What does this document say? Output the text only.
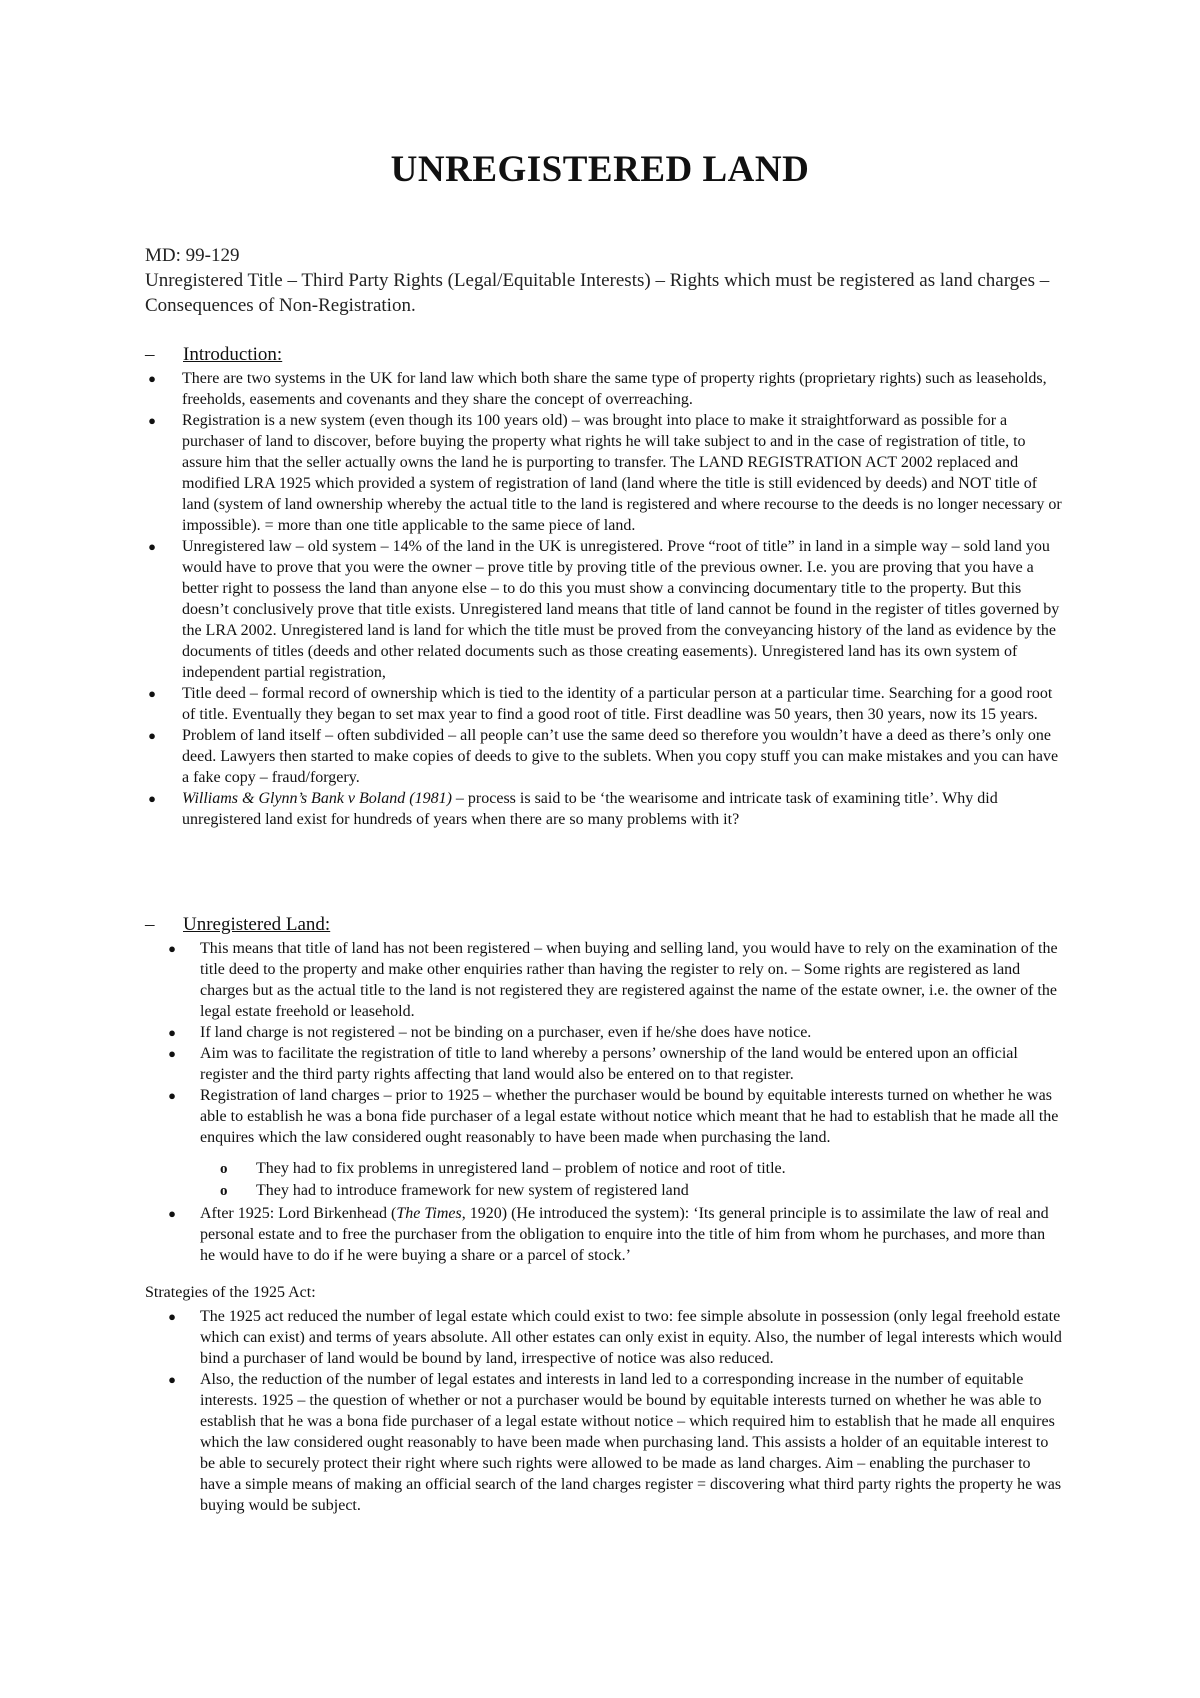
UNREGISTERED LAND
MD: 99-129
Unregistered Title – Third Party Rights (Legal/Equitable Interests) – Rights which must be registered as land charges – Consequences of Non-Registration.
– Introduction:
● There are two systems in the UK for land law which both share the same type of property rights (proprietary rights) such as leaseholds, freeholds, easements and covenants and they share the concept of overreaching.
● Registration is a new system (even though its 100 years old) – was brought into place to make it straightforward as possible for a purchaser of land to discover, before buying the property what rights he will take subject to and in the case of registration of title, to assure him that the seller actually owns the land he is purporting to transfer. The LAND REGISTRATION ACT 2002 replaced and modified LRA 1925 which provided a system of registration of land (land where the title is still evidenced by deeds) and NOT title of land (system of land ownership whereby the actual title to the land is registered and where recourse to the deeds is no longer necessary or impossible). = more than one title applicable to the same piece of land.
● Unregistered law – old system – 14% of the land in the UK is unregistered. Prove “root of title” in land in a simple way – sold land you would have to prove that you were the owner – prove title by proving title of the previous owner. I.e. you are proving that you have a better right to possess the land than anyone else – to do this you must show a convincing documentary title to the property. But this doesn’t conclusively prove that title exists. Unregistered land means that title of land cannot be found in the register of titles governed by the LRA 2002. Unregistered land is land for which the title must be proved from the conveyancing history of the land as evidence by the documents of titles (deeds and other related documents such as those creating easements). Unregistered land has its own system of independent partial registration,
● Title deed – formal record of ownership which is tied to the identity of a particular person at a particular time. Searching for a good root of title. Eventually they began to set max year to find a good root of title. First deadline was 50 years, then 30 years, now its 15 years.
● Problem of land itself – often subdivided – all people can’t use the same deed so therefore you wouldn’t have a deed as there’s only one deed. Lawyers then started to make copies of deeds to give to the sublets. When you copy stuff you can make mistakes and you can have a fake copy – fraud/forgery.
● Williams & Glynn’s Bank v Boland (1981) – process is said to be ‘the wearisome and intricate task of examining title’. Why did unregistered land exist for hundreds of years when there are so many problems with it?
– Unregistered Land:
● This means that title of land has not been registered – when buying and selling land, you would have to rely on the examination of the title deed to the property and make other enquiries rather than having the register to rely on. – Some rights are registered as land charges but as the actual title to the land is not registered they are registered against the name of the estate owner, i.e. the owner of the legal estate freehold or leasehold.
● If land charge is not registered – not be binding on a purchaser, even if he/she does have notice.
● Aim was to facilitate the registration of title to land whereby a persons’ ownership of the land would be entered upon an official register and the third party rights affecting that land would also be entered on to that register.
● Registration of land charges – prior to 1925 – whether the purchaser would be bound by equitable interests turned on whether he was able to establish he was a bona fide purchaser of a legal estate without notice which meant that he had to establish that he made all the enquires which the law considered ought reasonably to have been made when purchasing the land.
o They had to fix problems in unregistered land – problem of notice and root of title.
o They had to introduce framework for new system of registered land
● After 1925: Lord Birkenhead (The Times, 1920) (He introduced the system): ‘Its general principle is to assimilate the law of real and personal estate and to free the purchaser from the obligation to enquire into the title of him from whom he purchases, and more than he would have to do if he were buying a share or a parcel of stock.’
Strategies of the 1925 Act:
● The 1925 act reduced the number of legal estate which could exist to two: fee simple absolute in possession (only legal freehold estate which can exist) and terms of years absolute. All other estates can only exist in equity. Also, the number of legal interests which would bind a purchaser of land would be bound by land, irrespective of notice was also reduced.
● Also, the reduction of the number of legal estates and interests in land led to a corresponding increase in the number of equitable interests. 1925 – the question of whether or not a purchaser would be bound by equitable interests turned on whether he was able to establish that he was a bona fide purchaser of a legal estate without notice – which required him to establish that he made all enquires which the law considered ought reasonably to have been made when purchasing land. This assists a holder of an equitable interest to be able to securely protect their right where such rights were allowed to be made as land charges. Aim – enabling the purchaser to have a simple means of making an official search of the land charges register = discovering what third party rights the property he was buying would be subject.
